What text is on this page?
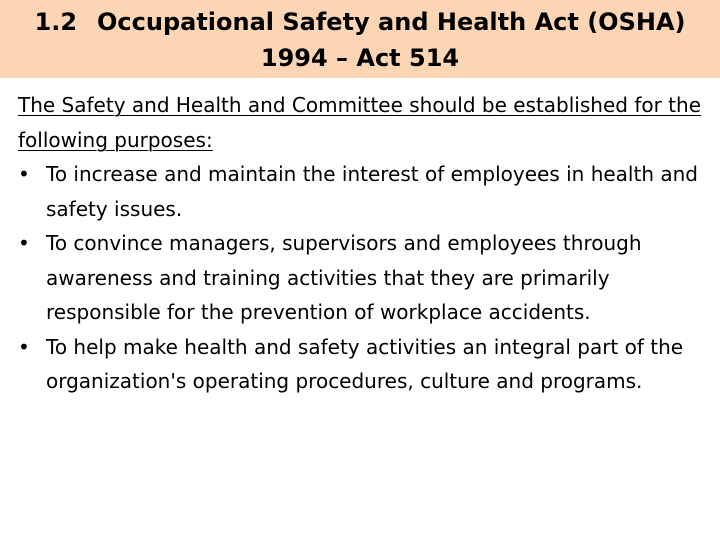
1.2 Occupational Safety and Health Act (OSHA)
1994 – Act 514

The Safety and Health and Committee should be established for the following purposes:

• To increase and maintain the interest of employees in health and safety issues.
• To convince managers, supervisors and employees through awareness and training activities that they are primarily responsible for the prevention of workplace accidents.
• To help make health and safety activities an integral part of the organization's operating procedures, culture and programs.
